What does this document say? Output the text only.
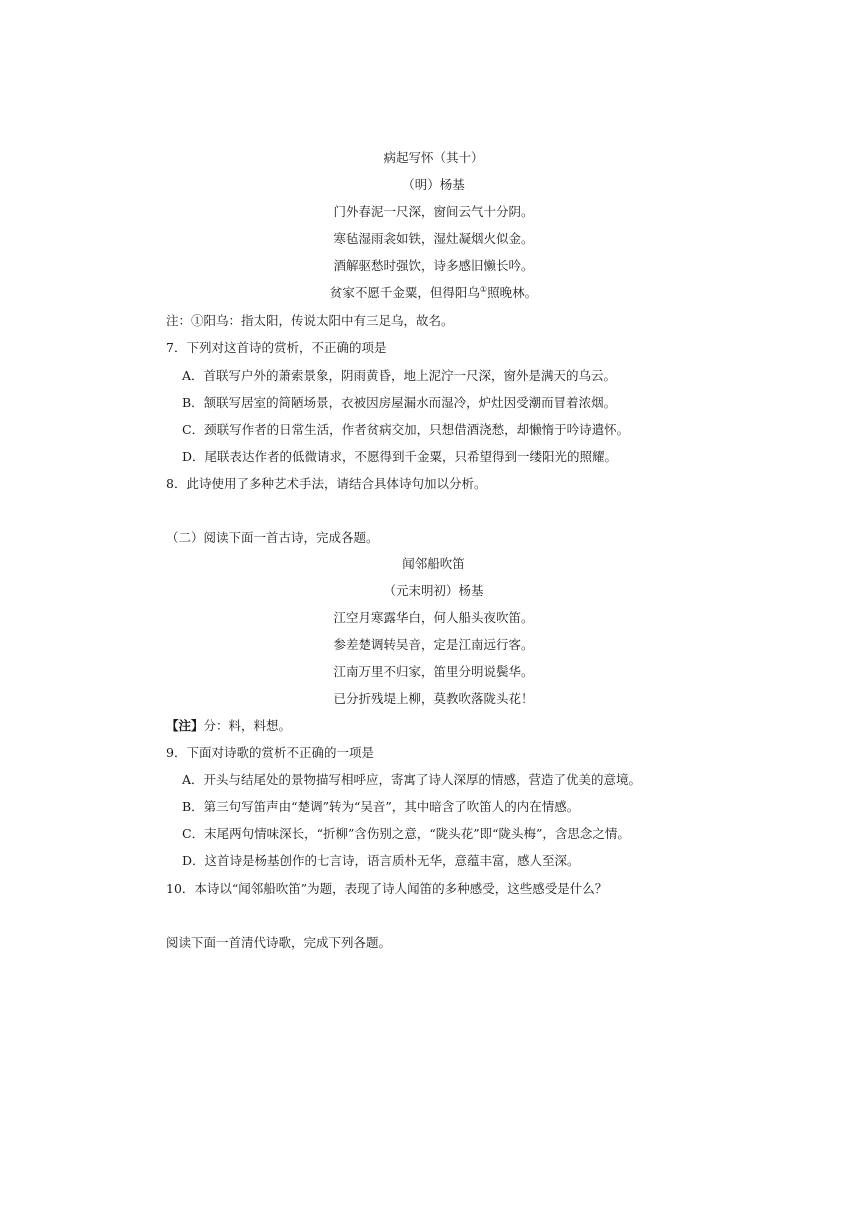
病起写怀（其十）
（明）杨基
门外春泥一尺深，窗间云气十分阴。
寒毡湿雨衾如铁，湿灶凝烟火似金。
酒解驱愁时强饮，诗多感旧懒长吟。
贫家不愿千金粟，但得阳乌①照晚林。
注：①阳乌：指太阳，传说太阳中有三足乌，故名。
7．下列对这首诗的赏析，不正确的项是
A．首联写户外的萧索景象，阴雨黄昏，地上泥泞一尺深，窗外是满天的乌云。
B．颔联写居室的简陋场景，衣被因房屋漏水而湿冷，炉灶因受潮而冒着浓烟。
C．颈联写作者的日常生活，作者贫病交加，只想借酒浇愁，却懒惰于吟诗遣怀。
D．尾联表达作者的低微请求，不愿得到千金粟，只希望得到一缕阳光的照耀。
8．此诗使用了多种艺术手法，请结合具体诗句加以分析。
（二）阅读下面一首古诗，完成各题。
闻邻船吹笛
（元末明初）杨基
江空月寒露华白，何人船头夜吹笛。
参差楚调转吴音，定是江南远行客。
江南万里不归家，笛里分明说鬓华。
已分折残堤上柳，莫教吹落陇头花！
【注】分：料，料想。
9．下面对诗歌的赏析不正确的一项是
A．开头与结尾处的景物描写相呼应，寄寓了诗人深厚的情感，营造了优美的意境。
B．第三句写笛声由“楚调”转为“吴音”，其中暗含了吹笛人的内在情感。
C．末尾两句情味深长，“折柳”含伤别之意，“陇头花”即“陇头梅”，含思念之情。
D．这首诗是杨基创作的七言诗，语言质朴无华，意蕴丰富，感人至深。
10．本诗以“闻邻船吹笛”为题，表现了诗人闻笛的多种感受，这些感受是什么？
阅读下面一首清代诗歌，完成下列各题。
